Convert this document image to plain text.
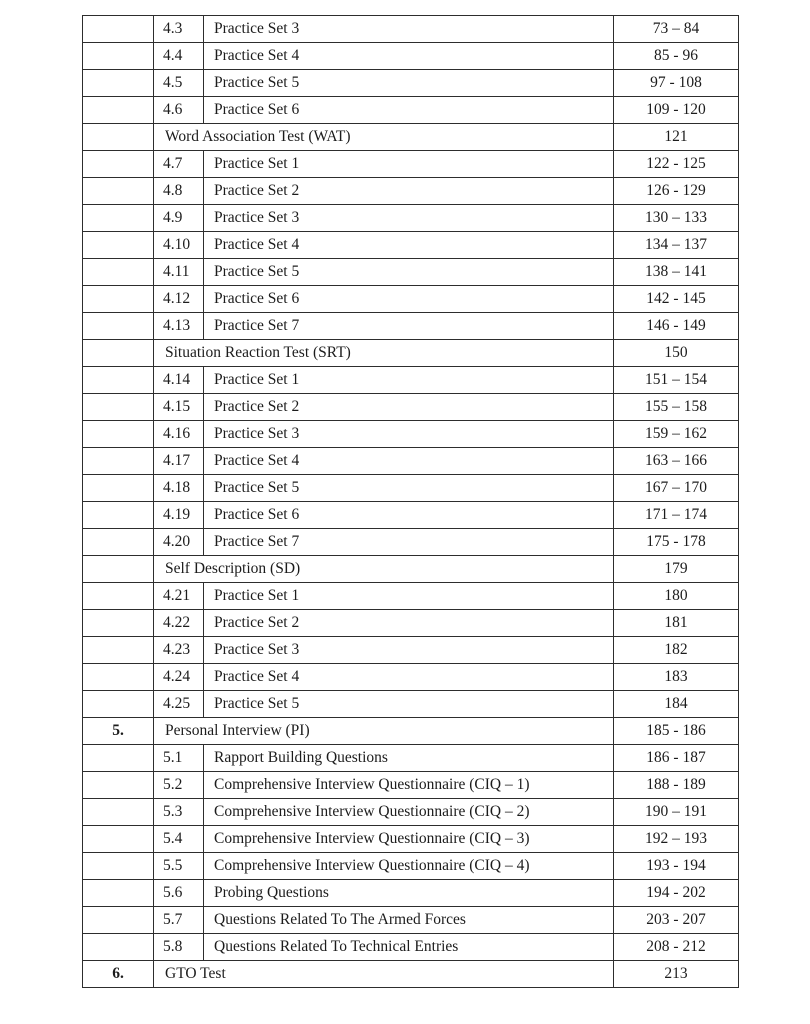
	4.3	Practice Set 3	73 – 84
	4.4	Practice Set 4	85 - 96
	4.5	Practice Set 5	97 - 108
	4.6	Practice Set 6	109 - 120
	Word Association Test (WAT)		121
	4.7	Practice Set 1	122 - 125
	4.8	Practice Set 2	126 - 129
	4.9	Practice Set 3	130 – 133
	4.10	Practice Set 4	134 – 137
	4.11	Practice Set 5	138 – 141
	4.12	Practice Set 6	142 - 145
	4.13	Practice Set 7	146 - 149
	Situation Reaction Test (SRT)		150
	4.14	Practice Set 1	151 – 154
	4.15	Practice Set 2	155 – 158
	4.16	Practice Set 3	159 – 162
	4.17	Practice Set 4	163 – 166
	4.18	Practice Set 5	167 – 170
	4.19	Practice Set 6	171 – 174
	4.20	Practice Set 7	175 - 178
	Self Description (SD)		179
	4.21	Practice Set 1	180
	4.22	Practice Set 2	181
	4.23	Practice Set 3	182
	4.24	Practice Set 4	183
	4.25	Practice Set 5	184
5.	Personal Interview (PI)		185 - 186
	5.1	Rapport Building Questions	186 - 187
	5.2	Comprehensive Interview Questionnaire (CIQ – 1)	188 - 189
	5.3	Comprehensive Interview Questionnaire (CIQ – 2)	190 – 191
	5.4	Comprehensive Interview Questionnaire (CIQ – 3)	192 – 193
	5.5	Comprehensive Interview Questionnaire (CIQ – 4)	193 - 194
	5.6	Probing Questions	194 - 202
	5.7	Questions Related To The Armed Forces	203 - 207
	5.8	Questions Related To Technical Entries	208 - 212
6.	GTO Test		213
